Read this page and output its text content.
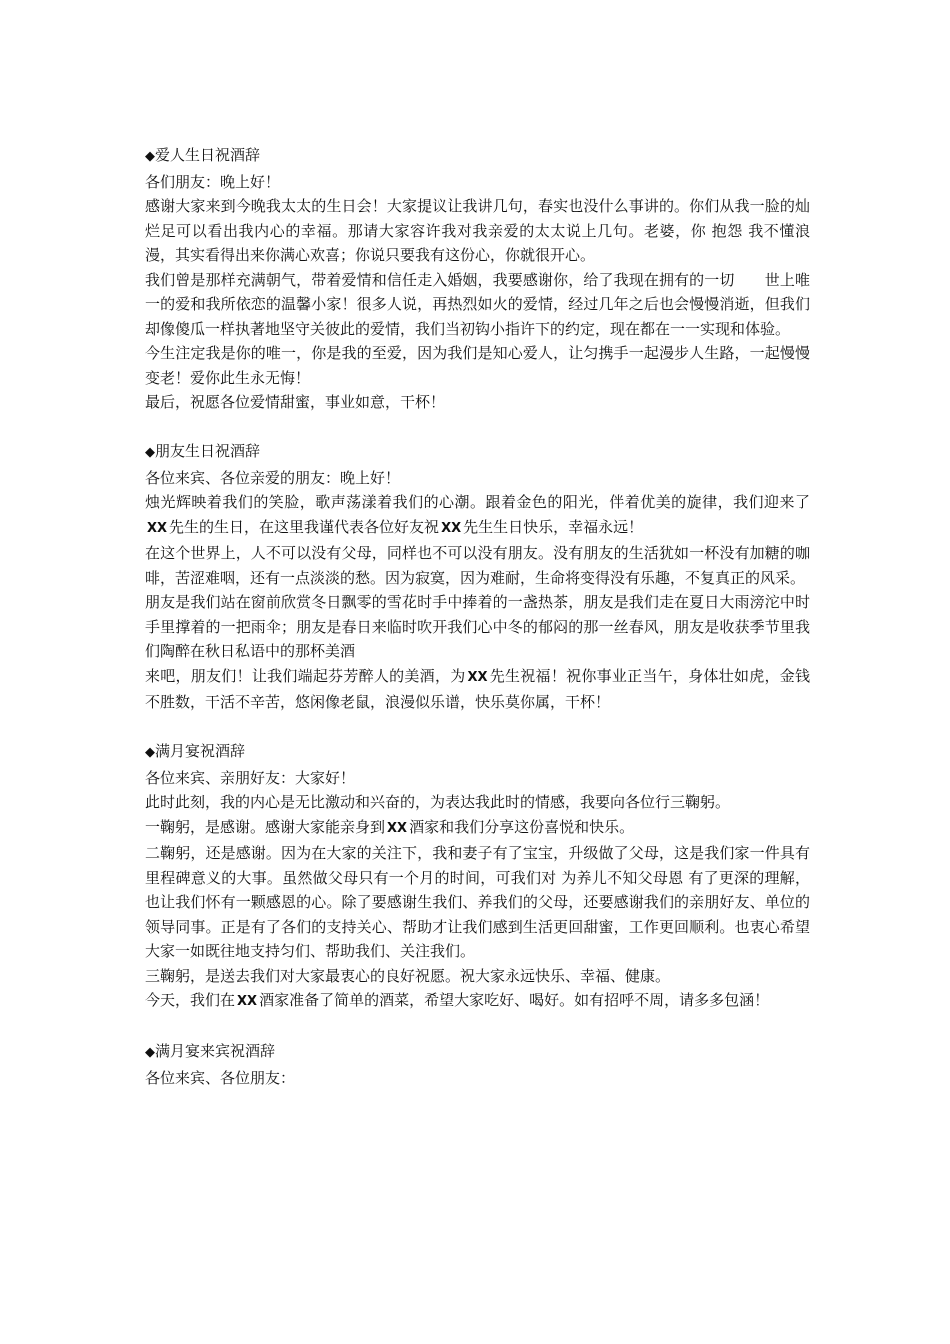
◆爱人生日祝酒辞

各们朋友：晚上好！

感谢大家来到今晚我太太的生日会！大家提议让我讲几句，春实也没什么事讲的。你们从我一脸的灿烂足可以看出我内心的幸福。那请大家容许我对我亲爱的太太说上几句。老婆，你 抱怨 我不懂浪漫，其实看得出来你满心欢喜；你说只要我有这份心，你就很开心。

我们曾是那样充满朝气，带着爱情和信任走入婚姻，我要感谢你，给了我现在拥有的一切　　世上唯一的爱和我所依恋的温馨小家！很多人说，再热烈如火的爱情，经过几年之后也会慢慢消逝，但我们却像傻瓜一样执著地坚守关彼此的爱情，我们当初钩小指许下的约定，现在都在一一实现和体验。

今生注定我是你的唯一，你是我的至爱，因为我们是知心爱人，让匀携手一起漫步人生路，一起慢慢变老！爱你此生永无悔！

最后，祝愿各位爱情甜蜜，事业如意，干杯！

◆朋友生日祝酒辞

各位来宾、各位亲爱的朋友：晚上好！

烛光辉映着我们的笑脸，歌声荡漾着我们的心潮。跟着金色的阳光，伴着优美的旋律，我们迎来了XX 先生的生日，在这里我谨代表各位好友祝 XX 先生生日快乐，幸福永远！

在这个世界上，人不可以没有父母，同样也不可以没有朋友。没有朋友的生活犹如一杯没有加糖的咖啡，苦涩难咽，还有一点淡淡的愁。因为寂寞，因为难耐，生命将变得没有乐趣，不复真正的风采。

朋友是我们站在窗前欣赏冬日飘零的雪花时手中捧着的一盏热茶，朋友是我们走在夏日大雨滂沱中时手里撑着的一把雨伞；朋友是春日来临时吹开我们心中冬的郁闷的那一丝春风，朋友是收获季节里我们陶醉在秋日私语中的那杯美酒

来吧，朋友们！让我们端起芬芳醉人的美酒，为 XX 先生祝福！祝你事业正当午，身体壮如虎，金钱不胜数，干活不辛苦，悠闲像老鼠，浪漫似乐谱，快乐莫你属，干杯！

◆满月宴祝酒辞

各位来宾、亲朋好友：大家好！

此时此刻，我的内心是无比激动和兴奋的，为表达我此时的情感，我要向各位行三鞠躬。

一鞠躬，是感谢。感谢大家能亲身到 XX 酒家和我们分享这份喜悦和快乐。

二鞠躬，还是感谢。因为在大家的关注下，我和妻子有了宝宝，升级做了父母，这是我们家一件具有里程碑意义的大事。虽然做父母只有一个月的时间，可我们对 为养儿不知父母恩 有了更深的理解，也让我们怀有一颗感恩的心。除了要感谢生我们、养我们的父母，还要感谢我们的亲朋好友、单位的领导同事。正是有了各们的支持关心、帮助才让我们感到生活更回甜蜜，工作更回顺利。也衷心希望大家一如既往地支持匀们、帮助我们、关注我们。

三鞠躬，是送去我们对大家最衷心的良好祝愿。祝大家永远快乐、幸福、健康。

今天，我们在 XX 酒家准备了简单的酒菜，希望大家吃好、喝好。如有招呼不周，请多多包涵！

◆满月宴来宾祝酒辞

各位来宾、各位朋友：
